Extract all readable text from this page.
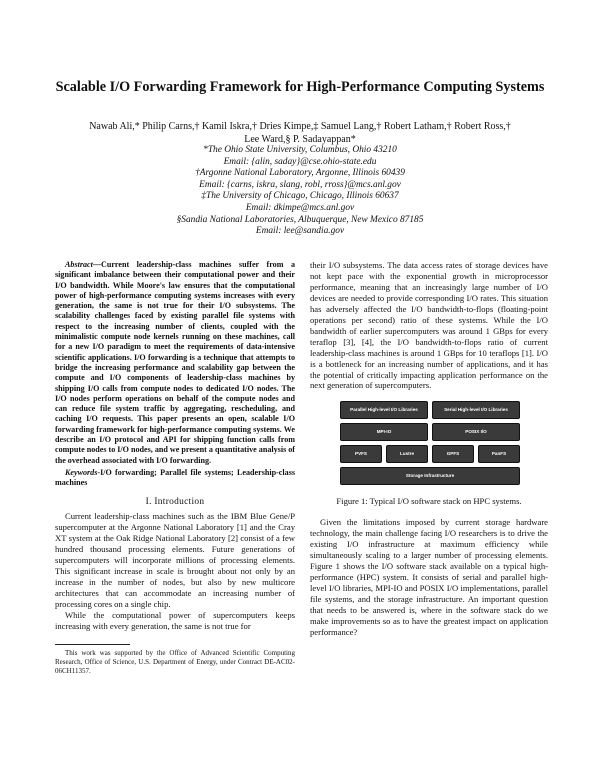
Scalable I/O Forwarding Framework for High-Performance Computing Systems
Nawab Ali,* Philip Carns,† Kamil Iskra,† Dries Kimpe,‡ Samuel Lang,† Robert Latham,† Robert Ross,†
Lee Ward,§ P. Sadayappan*
*The Ohio State University, Columbus, Ohio 43210
Email: {alin, saday}@cse.ohio-state.edu
†Argonne National Laboratory, Argonne, Illinois 60439
Email: {carns, iskra, slang, robl, rross}@mcs.anl.gov
‡The University of Chicago, Chicago, Illinois 60637
Email: dkimpe@mcs.anl.gov
§Sandia National Laboratories, Albuquerque, New Mexico 87185
Email: lee@sandia.gov

Abstract—Current leadership-class machines suffer from a significant imbalance between their computational power and their I/O bandwidth. While Moore's law ensures that the computational power of high-performance computing systems increases with every generation, the same is not true for their I/O subsystems. The scalability challenges faced by existing parallel file systems with respect to the increasing number of clients, coupled with the minimalistic compute node kernels running on these machines, call for a new I/O paradigm to meet the requirements of data-intensive scientific applications. I/O forwarding is a technique that attempts to bridge the increasing performance and scalability gap between the compute and I/O components of leadership-class machines by shipping I/O calls from compute nodes to dedicated I/O nodes. The I/O nodes perform operations on behalf of the compute nodes and can reduce file system traffic by aggregating, rescheduling, and caching I/O requests. This paper presents an open, scalable I/O forwarding framework for high-performance computing systems. We describe an I/O protocol and API for shipping function calls from compute nodes to I/O nodes, and we present a quantitative analysis of the overhead associated with I/O forwarding.

Keywords-I/O forwarding; Parallel file systems; Leadership-class machines

I. Introduction

Current leadership-class machines such as the IBM Blue Gene/P supercomputer at the Argonne National Laboratory [1] and the Cray XT system at the Oak Ridge National Laboratory [2] consist of a few hundred thousand processing elements. Future generations of supercomputers will incorporate millions of processing elements. This significant increase in scale is brought about not only by an increase in the number of nodes, but also by new multicore architectures that can accommodate an increasing number of processing cores on a single chip.

While the computational power of supercomputers keeps increasing with every generation, the same is not true for

This work was supported by the Office of Advanced Scientific Computing Research, Office of Science, U.S. Department of Energy, under Contract DE-AC02-06CH11357.

their I/O subsystems. The data access rates of storage devices have not kept pace with the exponential growth in microprocessor performance, meaning that an increasingly large number of I/O devices are needed to provide corresponding I/O rates. This situation has adversely affected the I/O bandwidth-to-flops (floating-point operations per second) ratio of these systems. While the I/O bandwidth of earlier supercomputers was around 1 GBps for every teraflop [3], [4], the I/O bandwidth-to-flops ratio of current leadership-class machines is around 1 GBps for 10 teraflops [1]. I/O is a bottleneck for an increasing number of applications, and it has the potential of critically impacting application performance on the next generation of supercomputers.

Parallel High-level I/O Libraries	Serial High-level I/O Libraries
MPI-IO	POSIX I/O
PVFS	Lustre	GPFS	PanFS
Storage Infrastructure
Figure 1: Typical I/O software stack on HPC systems.

Given the limitations imposed by current storage hardware technology, the main challenge facing I/O researchers is to drive the existing I/O infrastructure at maximum efficiency while simultaneously scaling to a larger number of processing elements. Figure 1 shows the I/O software stack available on a typical high-performance (HPC) system. It consists of serial and parallel high-level I/O libraries, MPI-IO and POSIX I/O implementations, parallel file systems, and the storage infrastructure. An important question that needs to be answered is, where in the software stack do we make improvements so as to have the greatest impact on application performance?
